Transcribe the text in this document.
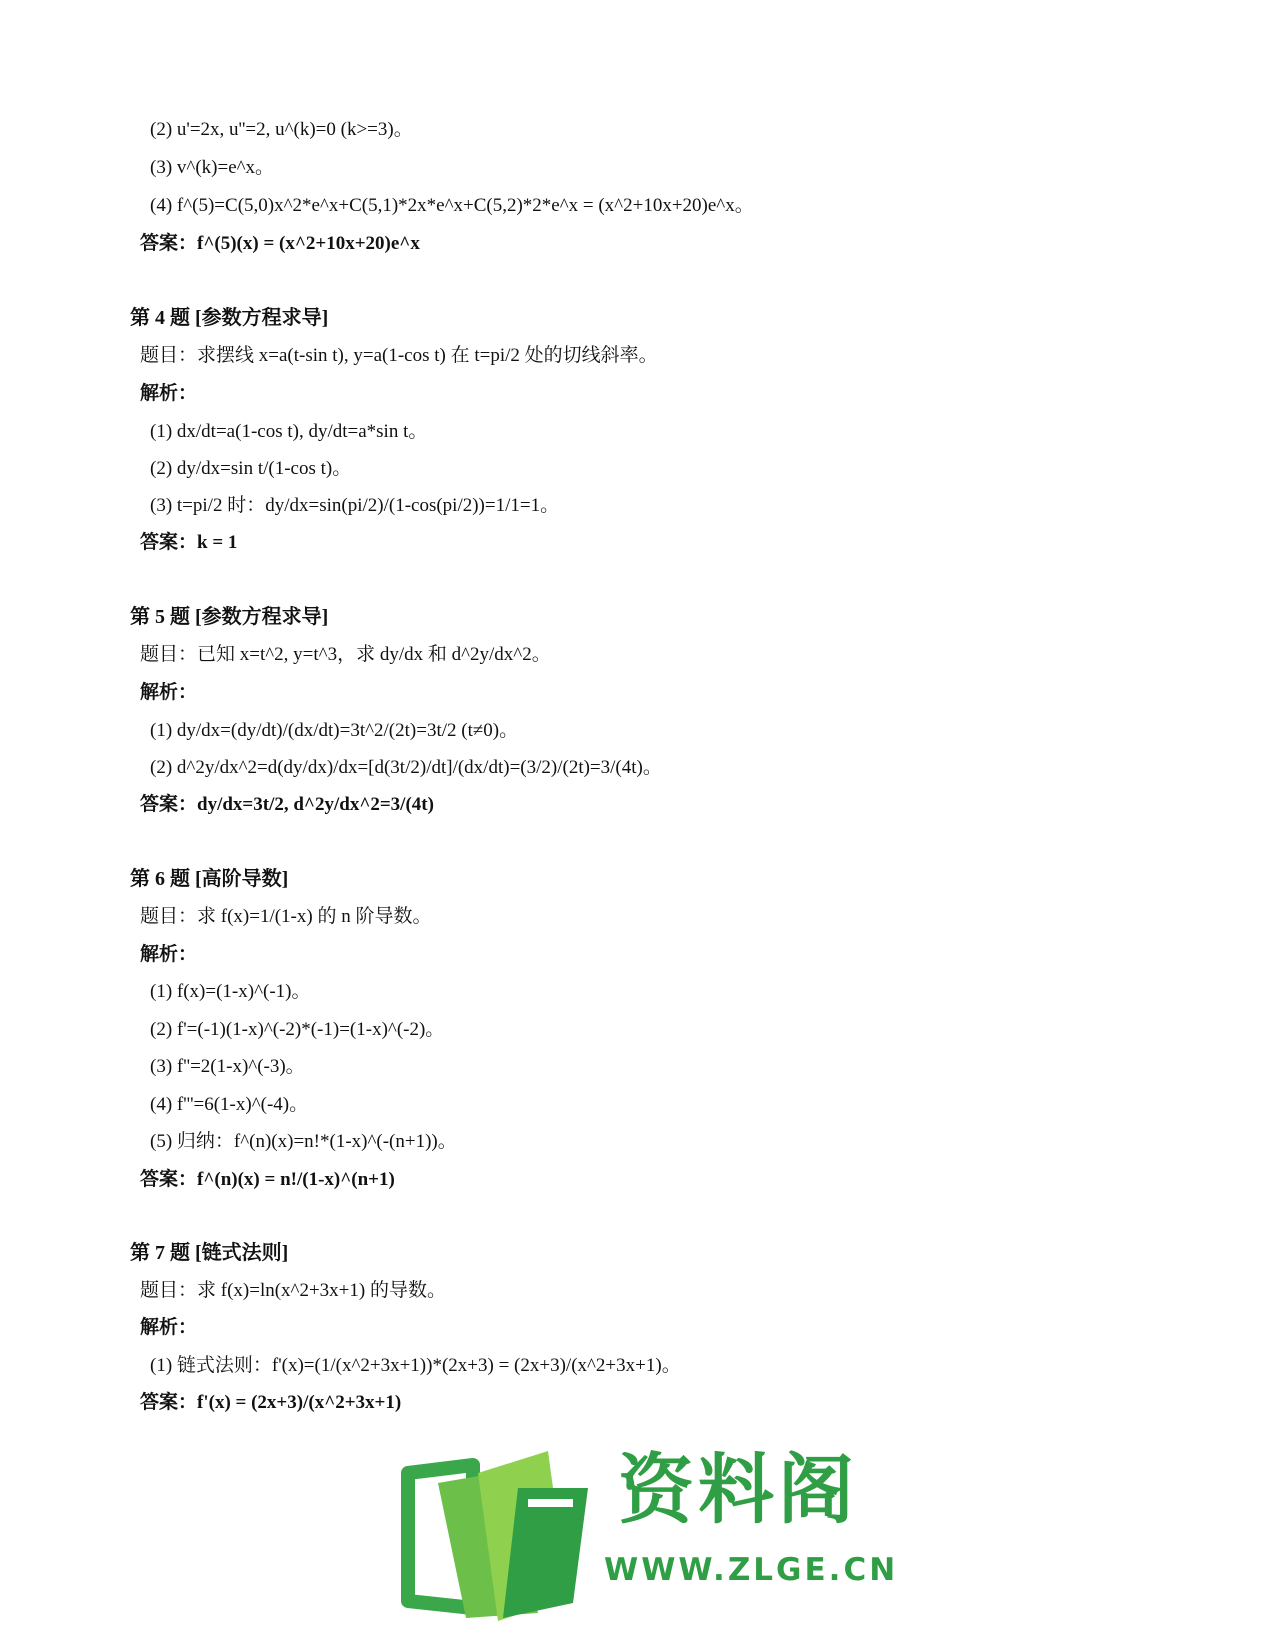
(2) u'=2x, u''=2, u^(k)=0 (k>=3)。
(3) v^(k)=e^x。
(4) f^(5)=C(5,0)x^2*e^x+C(5,1)*2x*e^x+C(5,2)*2*e^x = (x^2+10x+20)e^x。
答案：f^(5)(x) = (x^2+10x+20)e^x
第 4 题 [参数方程求导]
题目：求摆线 x=a(t-sin t), y=a(1-cos t) 在 t=pi/2 处的切线斜率。
解析：
(1) dx/dt=a(1-cos t), dy/dt=a*sin t。
(2) dy/dx=sin t/(1-cos t)。
(3) t=pi/2 时：dy/dx=sin(pi/2)/(1-cos(pi/2))=1/1=1。
答案：k = 1
第 5 题 [参数方程求导]
题目：已知 x=t^2, y=t^3，求 dy/dx 和 d^2y/dx^2。
解析：
(1) dy/dx=(dy/dt)/(dx/dt)=3t^2/(2t)=3t/2 (t≠0)。
(2) d^2y/dx^2=d(dy/dx)/dx=[d(3t/2)/dt]/(dx/dt)=(3/2)/(2t)=3/(4t)。
答案：dy/dx=3t/2, d^2y/dx^2=3/(4t)
第 6 题 [高阶导数]
题目：求 f(x)=1/(1-x) 的 n 阶导数。
解析：
(1) f(x)=(1-x)^(-1)。
(2) f'=(-1)(1-x)^(-2)*(-1)=(1-x)^(-2)。
(3) f''=2(1-x)^(-3)。
(4) f'''=6(1-x)^(-4)。
(5) 归纳：f^(n)(x)=n!*(1-x)^(-(n+1))。
答案：f^(n)(x) = n!/(1-x)^(n+1)
第 7 题 [链式法则]
题目：求 f(x)=ln(x^2+3x+1) 的导数。
解析：
(1) 链式法则：f'(x)=(1/(x^2+3x+1))*(2x+3) = (2x+3)/(x^2+3x+1)。
答案：f'(x) = (2x+3)/(x^2+3x+1)
资料阁
WWW.ZLGE.CN
